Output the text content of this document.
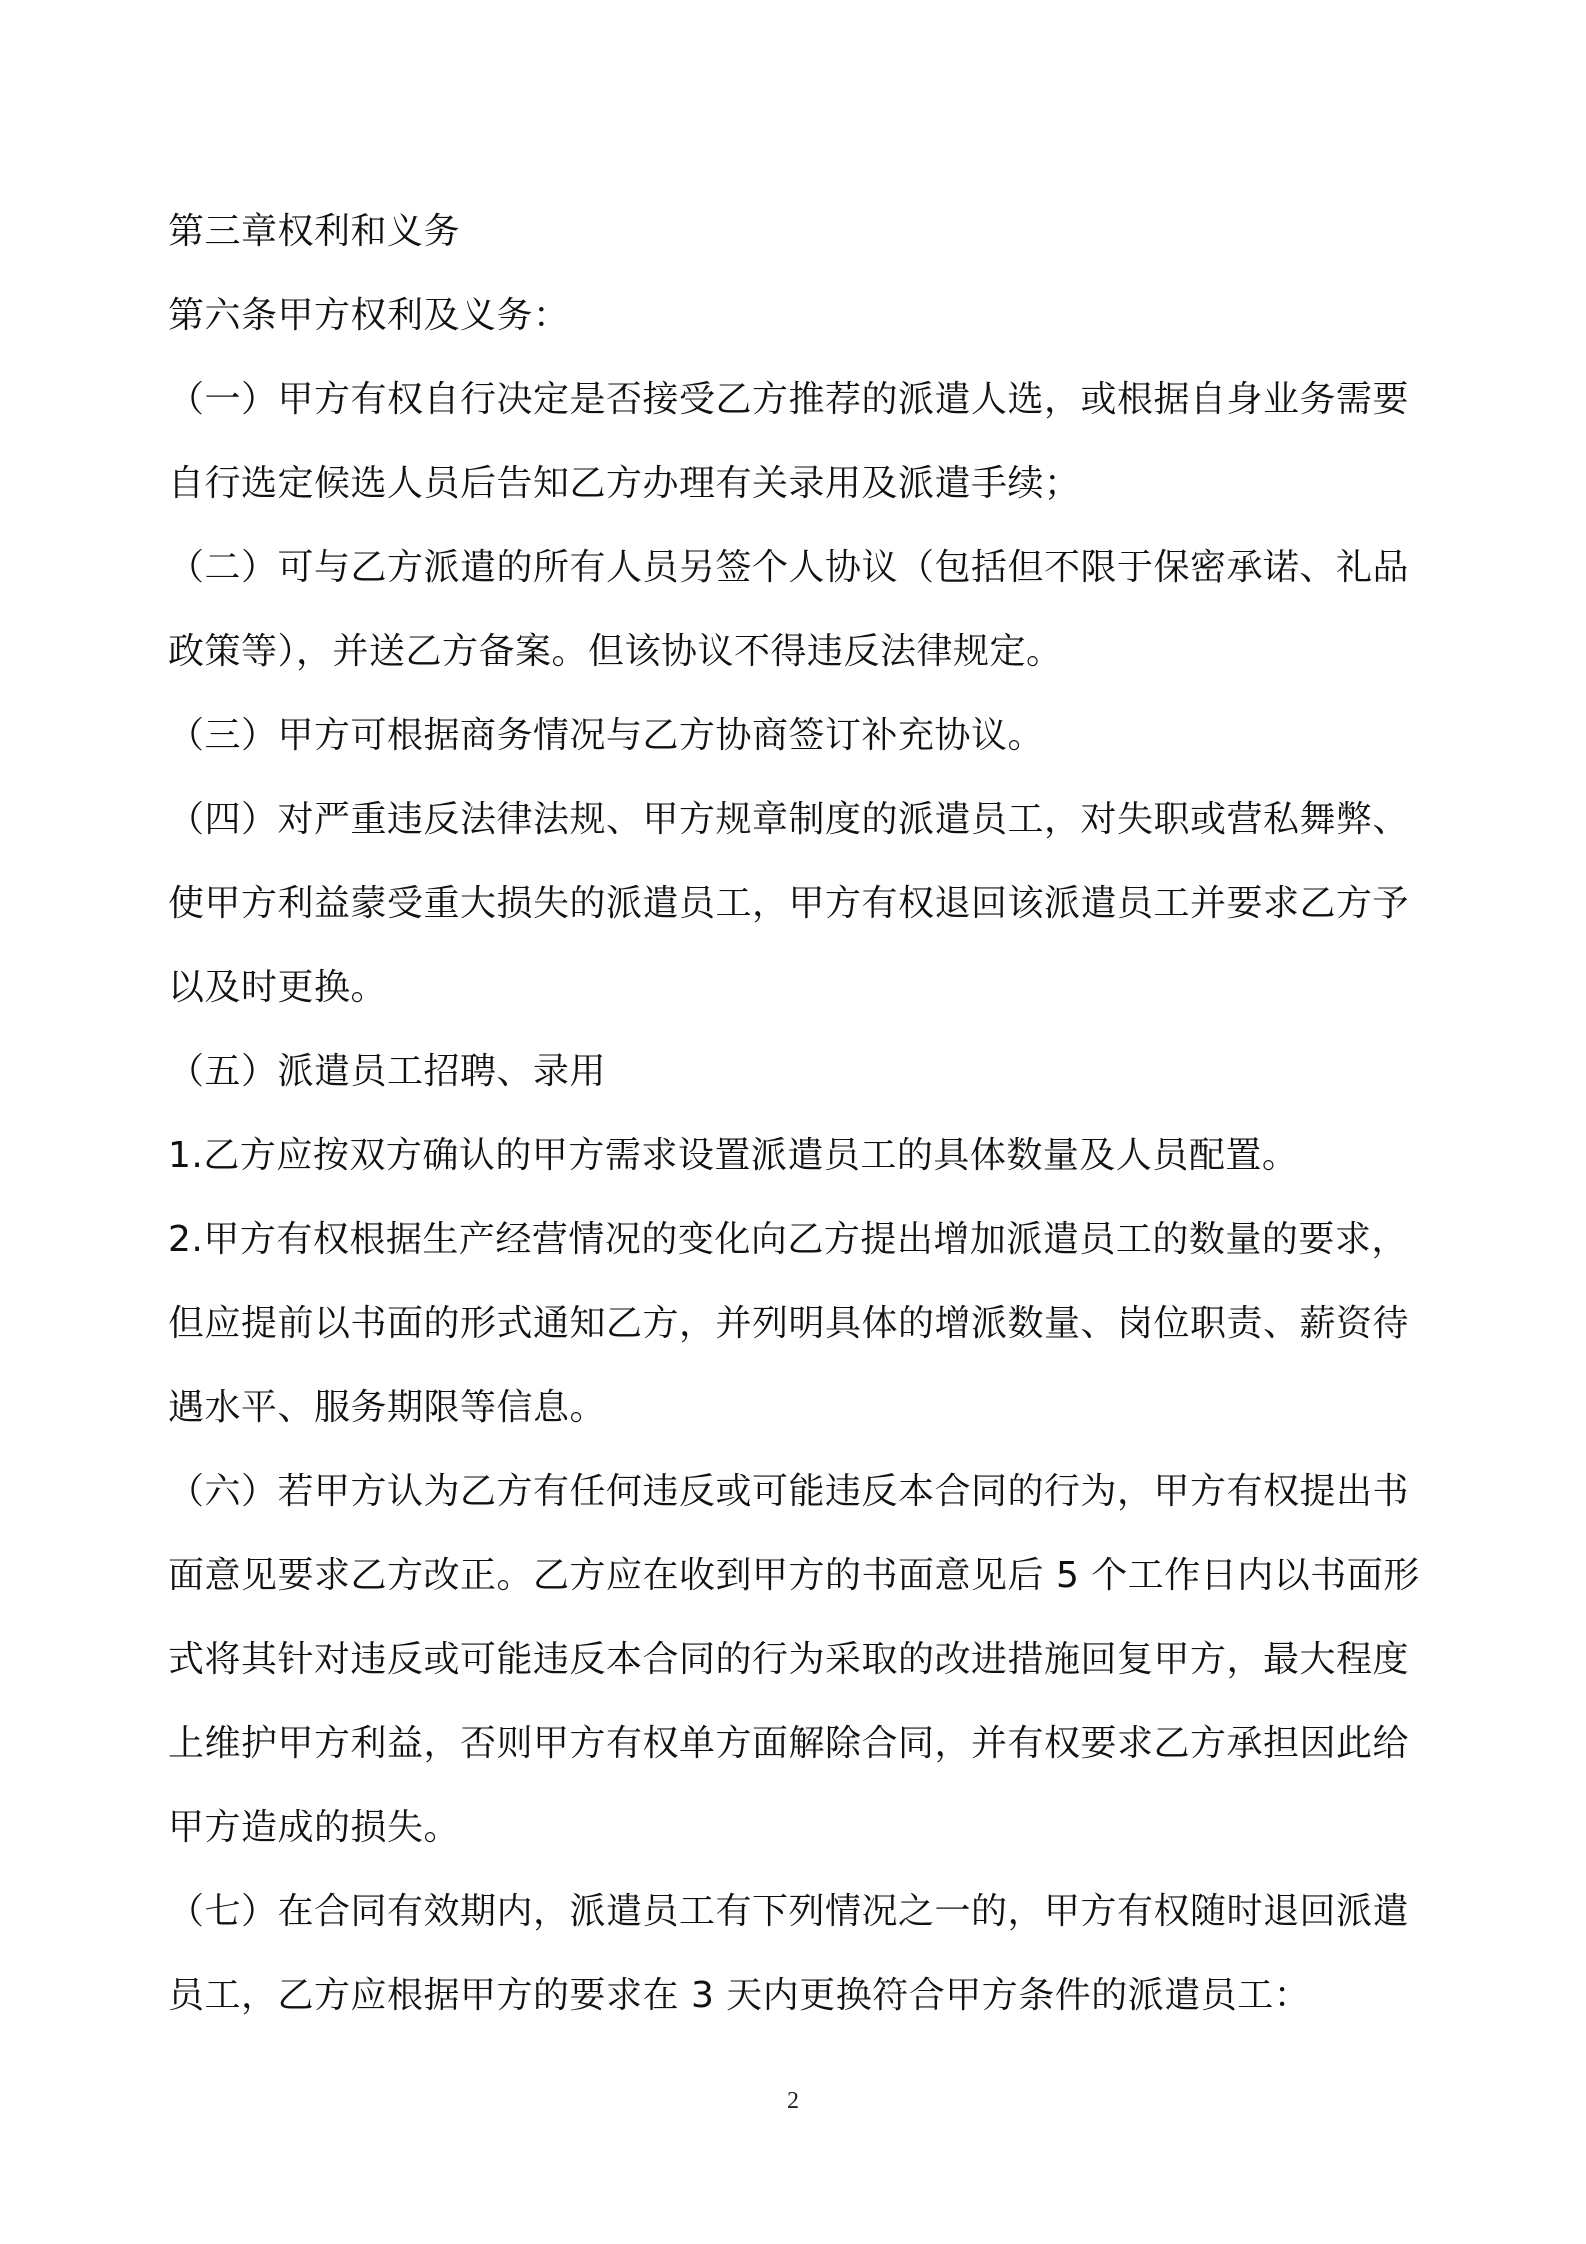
第三章权利和义务
第六条甲方权利及义务：
（一）甲方有权自行决定是否接受乙方推荐的派遣人选，或根据自身业务需要
自行选定候选人员后告知乙方办理有关录用及派遣手续；
（二）可与乙方派遣的所有人员另签个人协议（包括但不限于保密承诺、礼品
政策等），并送乙方备案。但该协议不得违反法律规定。
（三）甲方可根据商务情况与乙方协商签订补充协议。
（四）对严重违反法律法规、甲方规章制度的派遣员工，对失职或营私舞弊、
使甲方利益蒙受重大损失的派遣员工，甲方有权退回该派遣员工并要求乙方予
以及时更换。
（五）派遣员工招聘、录用
1.乙方应按双方确认的甲方需求设置派遣员工的具体数量及人员配置。
2.甲方有权根据生产经营情况的变化向乙方提出增加派遣员工的数量的要求，
但应提前以书面的形式通知乙方，并列明具体的增派数量、岗位职责、薪资待
遇水平、服务期限等信息。
（六）若甲方认为乙方有任何违反或可能违反本合同的行为，甲方有权提出书
面意见要求乙方改正。乙方应在收到甲方的书面意见后 5 个工作日内以书面形
式将其针对违反或可能违反本合同的行为采取的改进措施回复甲方，最大程度
上维护甲方利益，否则甲方有权单方面解除合同，并有权要求乙方承担因此给
甲方造成的损失。
（七）在合同有效期内，派遣员工有下列情况之一的，甲方有权随时退回派遣
员工，乙方应根据甲方的要求在 3 天内更换符合甲方条件的派遣员工：
2
